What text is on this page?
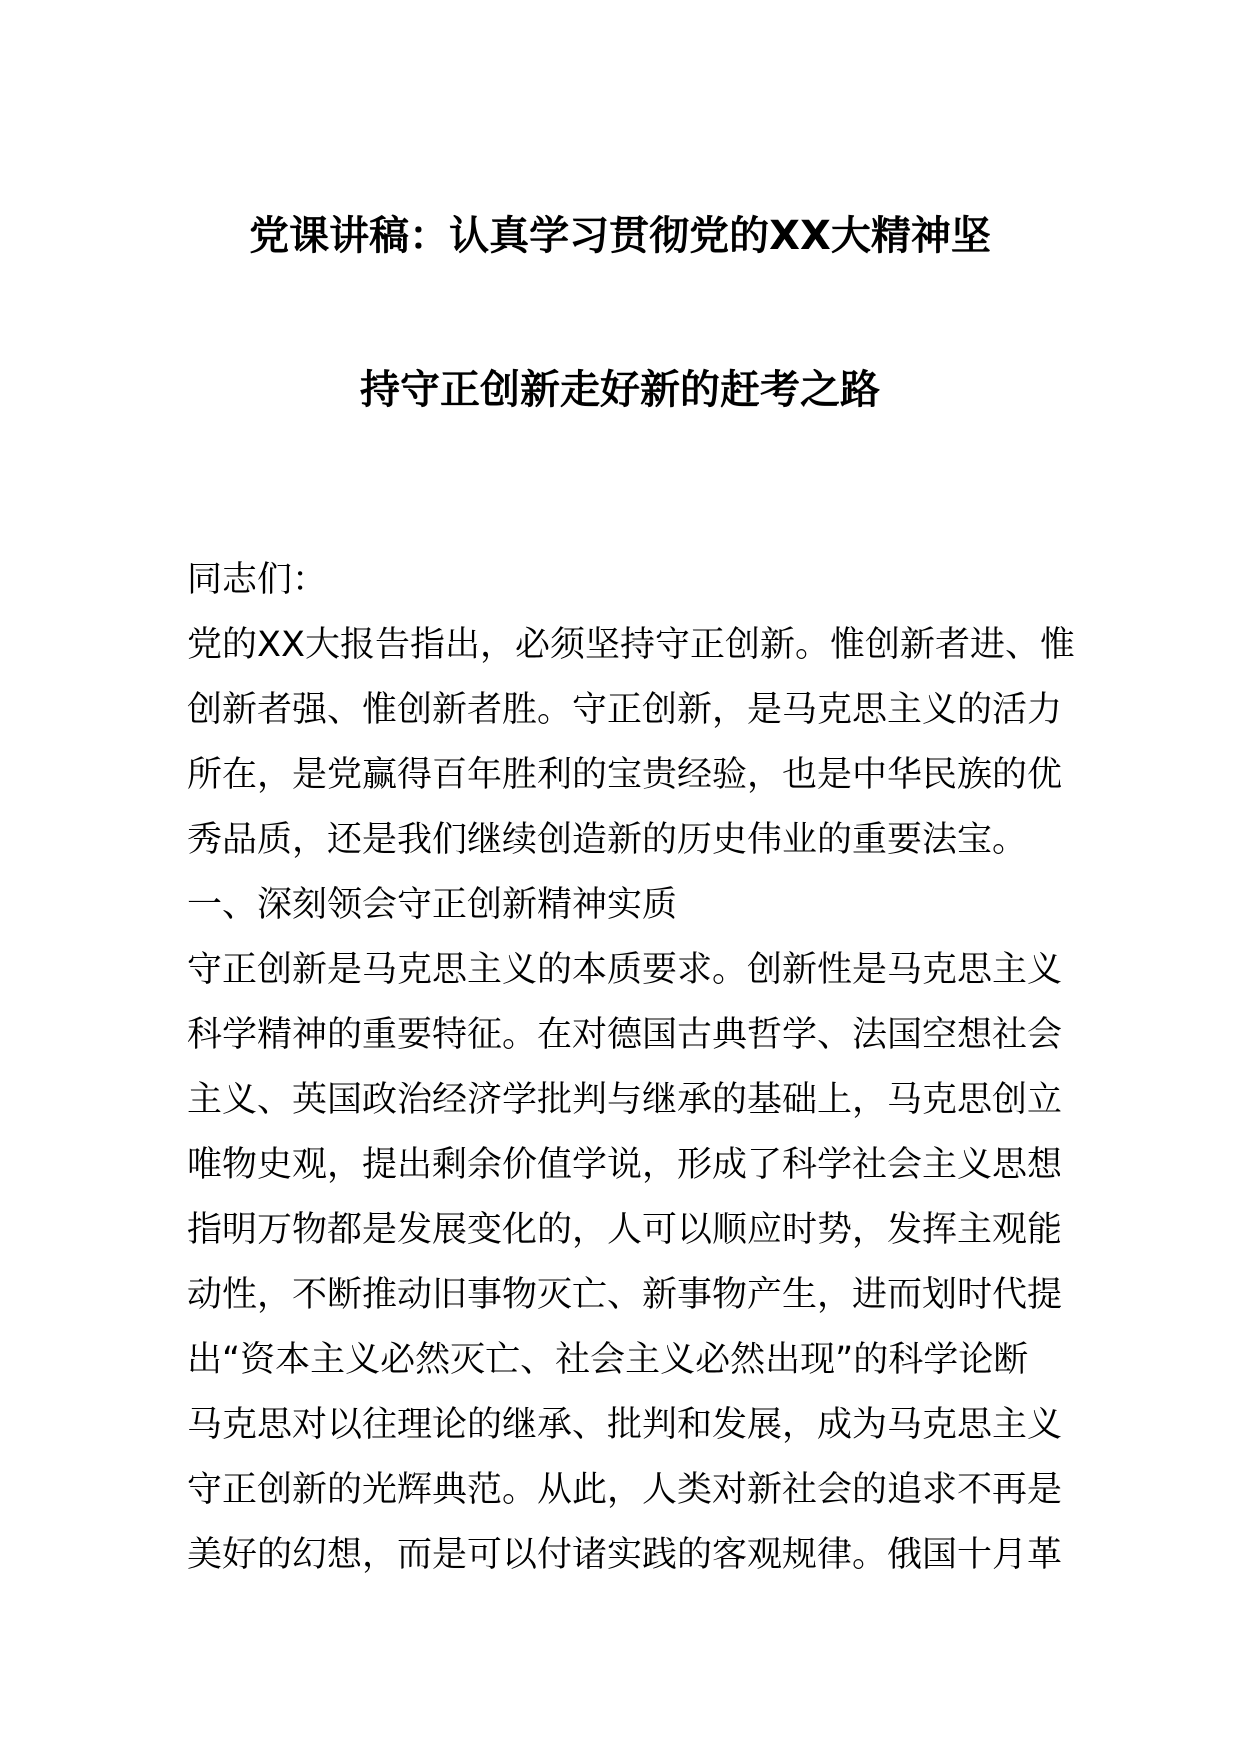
党课讲稿：认真学习贯彻党的XX大精神坚
持守正创新走好新的赶考之路
同志们：
党的XX大报告指出，必须坚持守正创新。惟创新者进、惟
创新者强、惟创新者胜。守正创新，是马克思主义的活力
所在，是党赢得百年胜利的宝贵经验，也是中华民族的优
秀品质，还是我们继续创造新的历史伟业的重要法宝。
一、深刻领会守正创新精神实质
守正创新是马克思主义的本质要求。创新性是马克思主义
科学精神的重要特征。在对德国古典哲学、法国空想社会
主义、英国政治经济学批判与继承的基础上，马克思创立
唯物史观，提出剩余价值学说，形成了科学社会主义思想
指明万物都是发展变化的，人可以顺应时势，发挥主观能
动性，不断推动旧事物灭亡、新事物产生，进而划时代提
出“资本主义必然灭亡、社会主义必然出现”的科学论断
马克思对以往理论的继承、批判和发展，成为马克思主义
守正创新的光辉典范。从此，人类对新社会的追求不再是
美好的幻想，而是可以付诸实践的客观规律。俄国十月革
